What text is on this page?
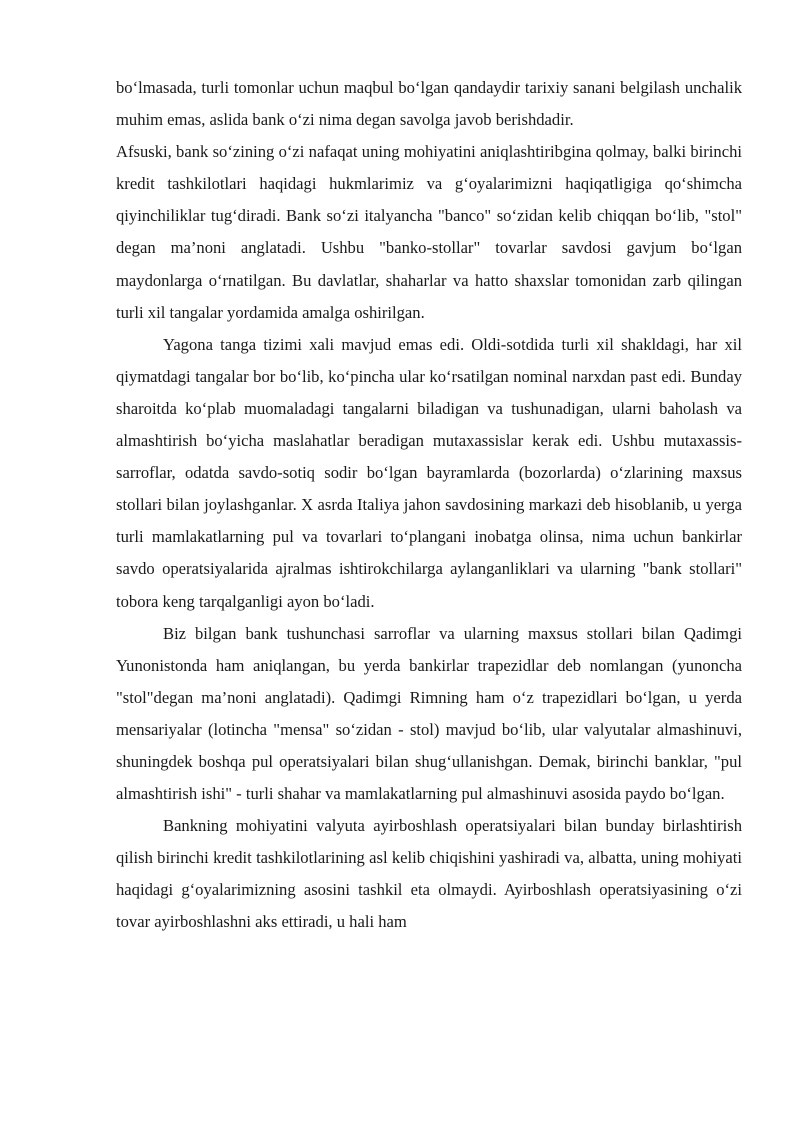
bo‘lmasada, turli tomonlar uchun maqbul bo‘lgan qandaydir tarixiy sanani belgilash unchalik muhim emas, aslida bank o‘zi nima degan savolga javob berishdadir.

Afsuski, bank so‘zining o‘zi nafaqat uning mohiyatini aniqlashtiribgina qolmay, balki birinchi kredit tashkilotlari haqidagi hukmlarimiz va g‘oyalarimizni haqiqatligiga qo‘shimcha qiyinchiliklar tug‘diradi. Bank so‘zi italyancha "banco" so‘zidan kelib chiqqan bo‘lib, "stol" degan ma’noni anglatadi. Ushbu "banko-stollar" tovarlar savdosi gavjum bo‘lgan maydonlarga o‘rnatilgan. Bu davlatlar, shaharlar va hatto shaxslar tomonidan zarb qilingan turli xil tangalar yordamida amalga oshirilgan.

Yagona tanga tizimi xali mavjud emas edi. Oldi-sotdida turli xil shakldagi, har xil qiymatdagi tangalar bor bo‘lib, ko‘pincha ular ko‘rsatilgan nominal narxdan past edi. Bunday sharoitda ko‘plab muomaladagi tangalarni biladigan va tushunadigan, ularni baholash va almashtirish bo‘yicha maslahatlar beradigan mutaxassislar kerak edi. Ushbu mutaxassis-sarroflar, odatda savdo-sotiq sodir bo‘lgan bayramlarda (bozorlarda) o‘zlarining maxsus stollari bilan joylashganlar. X asrda Italiya jahon savdosining markazi deb hisoblanib, u yerga turli mamlakatlarning pul va tovarlari to‘plangani inobatga olinsa, nima uchun bankirlar savdo operatsiyalarida ajralmas ishtirokchilarga aylanganliklari va ularning "bank stollari" tobora keng tarqalganligi ayon bo‘ladi.

Biz bilgan bank tushunchasi sarroflar va ularning maxsus stollari bilan Qadimgi Yunonistonda ham aniqlangan, bu yerda bankirlar trapezidlar deb nomlangan (yunoncha "stol"degan ma’noni anglatadi). Qadimgi Rimning ham o‘z trapezidlari bo‘lgan, u yerda mensariyalar (lotincha "mensa" so‘zidan - stol) mavjud bo‘lib, ular valyutalar almashinuvi, shuningdek boshqa pul operatsiyalari bilan shug‘ullanishgan. Demak, birinchi banklar, "pul almashtirish ishi" - turli shahar va mamlakatlarning pul almashinuvi asosida paydo bo‘lgan.

Bankning mohiyatini valyuta ayirboshlash operatsiyalari bilan bunday birlashtirish qilish birinchi kredit tashkilotlarining asl kelib chiqishini yashiradi va, albatta, uning mohiyati haqidagi g‘oyalarimizning asosini tashkil eta olmaydi. Ayirboshlash operatsiyasining o‘zi tovar ayirboshlashni aks ettiradi, u hali ham
